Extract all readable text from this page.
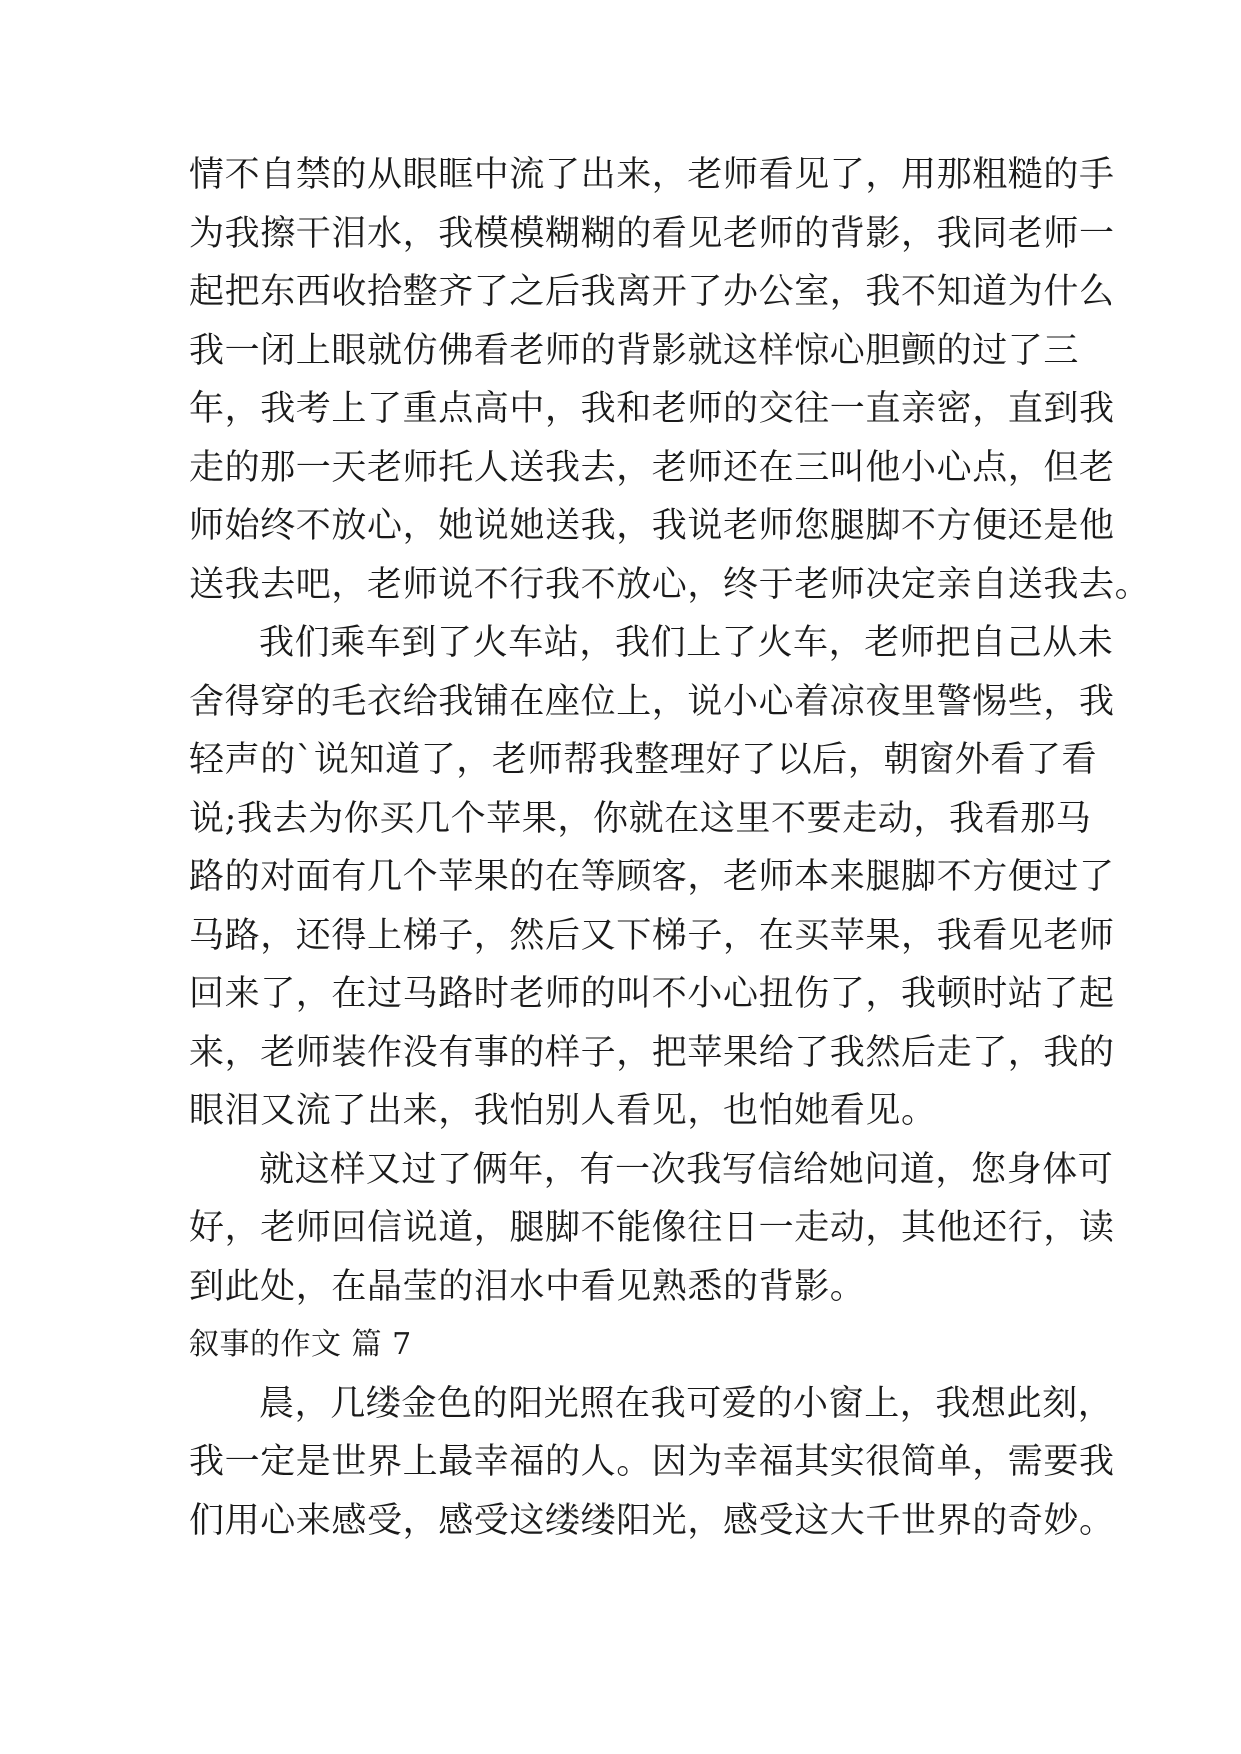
情不自禁的从眼眶中流了出来，老师看见了，用那粗糙的手
为我擦干泪水，我模模糊糊的看见老师的背影，我同老师一
起把东西收拾整齐了之后我离开了办公室，我不知道为什么
我一闭上眼就仿佛看老师的背影就这样惊心胆颤的过了三
年，我考上了重点高中，我和老师的交往一直亲密，直到我
走的那一天老师托人送我去，老师还在三叫他小心点，但老
师始终不放心，她说她送我，我说老师您腿脚不方便还是他
送我去吧，老师说不行我不放心，终于老师决定亲自送我去。
我们乘车到了火车站，我们上了火车，老师把自己从未
舍得穿的毛衣给我铺在座位上，说小心着凉夜里警惕些，我
轻声的`说知道了，老师帮我整理好了以后，朝窗外看了看
说;我去为你买几个苹果，你就在这里不要走动，我看那马
路的对面有几个苹果的在等顾客，老师本来腿脚不方便过了
马路，还得上梯子，然后又下梯子，在买苹果，我看见老师
回来了，在过马路时老师的叫不小心扭伤了，我顿时站了起
来，老师装作没有事的样子，把苹果给了我然后走了，我的
眼泪又流了出来，我怕别人看见，也怕她看见。
就这样又过了俩年，有一次我写信给她问道，您身体可
好，老师回信说道，腿脚不能像往日一走动，其他还行，读
到此处，在晶莹的泪水中看见熟悉的背影。
叙事的作文 篇 7
晨，几缕金色的阳光照在我可爱的小窗上，我想此刻，
我一定是世界上最幸福的人。因为幸福其实很简单，需要我
们用心来感受，感受这缕缕阳光，感受这大千世界的奇妙。
